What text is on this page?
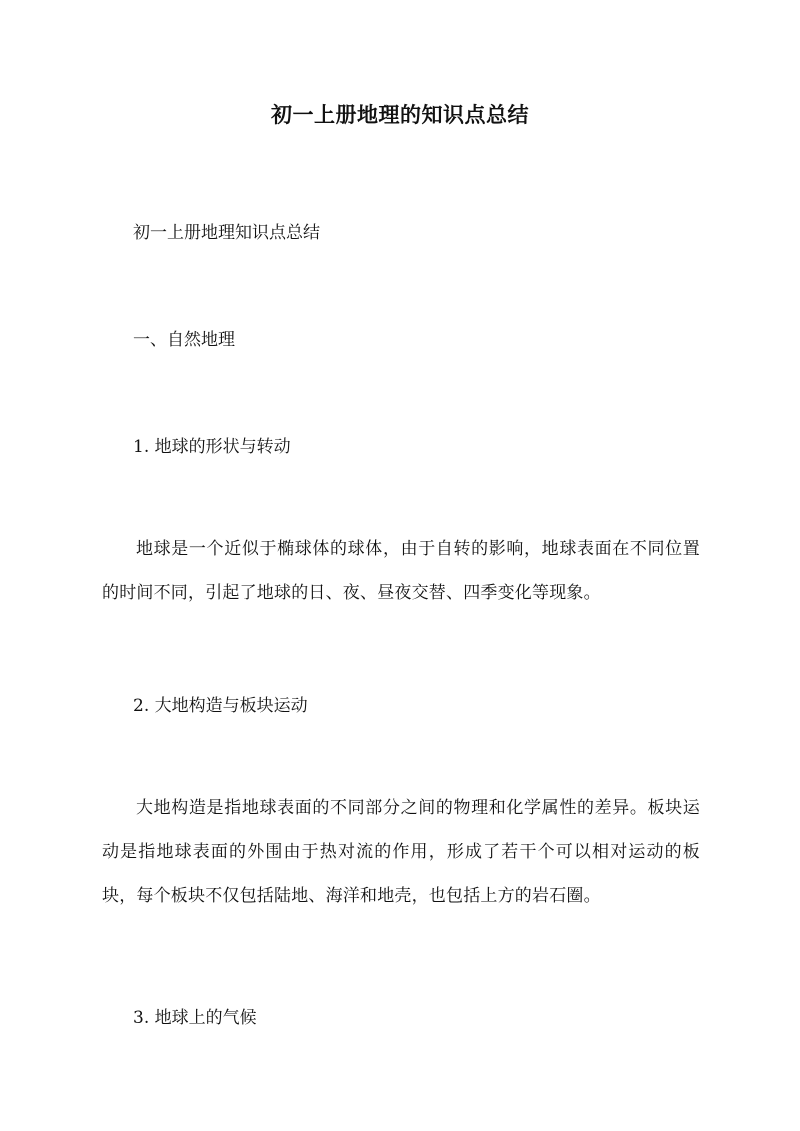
初一上册地理的知识点总结

初一上册地理知识点总结

一、自然地理

1. 地球的形状与转动

地球是一个近似于椭球体的球体，由于自转的影响，地球表面在不同位置的时间不同，引起了地球的日、夜、昼夜交替、四季变化等现象。

2. 大地构造与板块运动

大地构造是指地球表面的不同部分之间的物理和化学属性的差异。板块运动是指地球表面的外围由于热对流的作用，形成了若干个可以相对运动的板块，每个板块不仅包括陆地、海洋和地壳，也包括上方的岩石圈。

3. 地球上的气候
